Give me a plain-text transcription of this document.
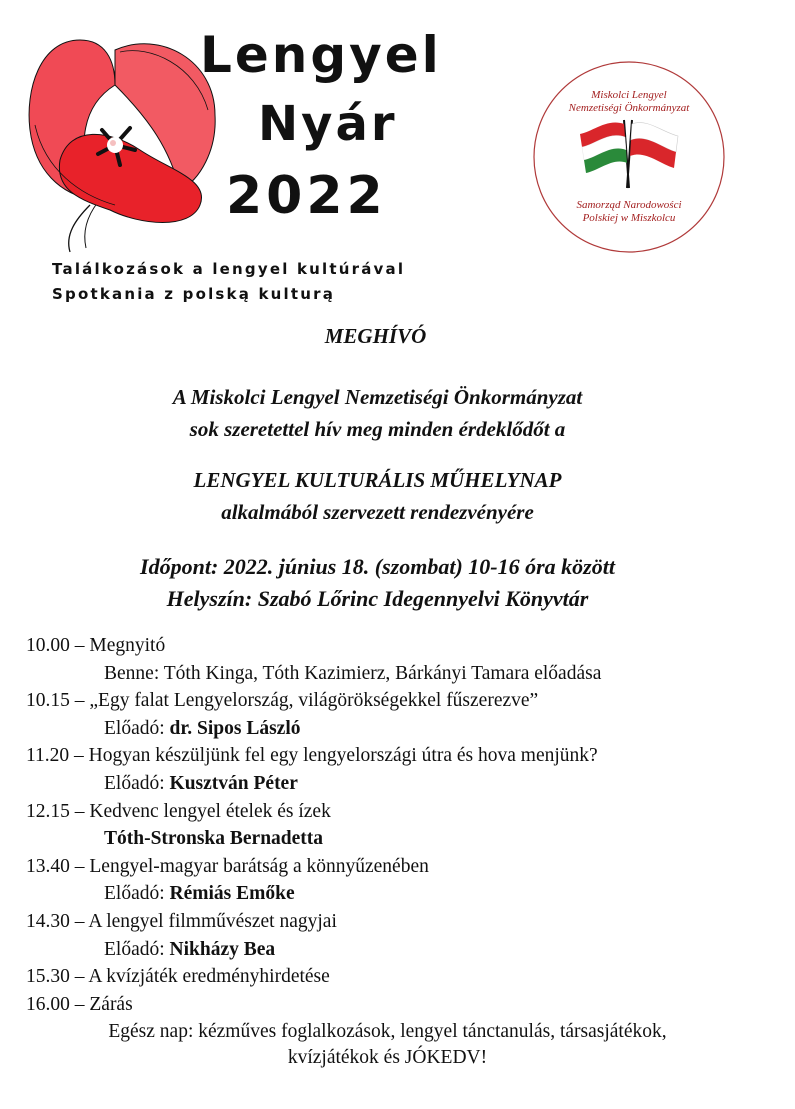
Lengyel
Nyár
2022
Találkozások a lengyel kultúrával
Spotkania z polską kulturą
Miskolci Lengyel
Nemzetiségi Önkormányzat
Samorząd Narodowości
Polskiej w Miszkolcu
MEGHÍVÓ
A Miskolci Lengyel Nemzetiségi Önkormányzat
sok szeretettel hív meg minden érdeklődőt a
LENGYEL KULTURÁLIS MŰHELYNAP
alkalmából szervezett rendezvényére
Időpont: 2022. június 18. (szombat) 10-16 óra között
Helyszín: Szabó Lőrinc Idegennyelvi Könyvtár
10.00 – Megnyitó
Benne: Tóth Kinga, Tóth Kazimierz, Bárkányi Tamara előadása
10.15 – „Egy falat Lengyelország, világörökségekkel fűszerezve”
Előadó: dr. Sipos László
11.20 – Hogyan készüljünk fel egy lengyelországi útra és hova menjünk?
Előadó: Kusztván Péter
12.15 – Kedvenc lengyel ételek és ízek
Tóth-Stronska Bernadetta
13.40 – Lengyel-magyar barátság a könnyűzenében
Előadó: Rémiás Emőke
14.30 – A lengyel filmművészet nagyjai
Előadó: Nikházy Bea
15.30 – A kvízjáték eredményhirdetése
16.00 – Zárás
Egész nap: kézműves foglalkozások, lengyel tánctanulás, társasjátékok,
kvízjátékok és JÓKEDV!
